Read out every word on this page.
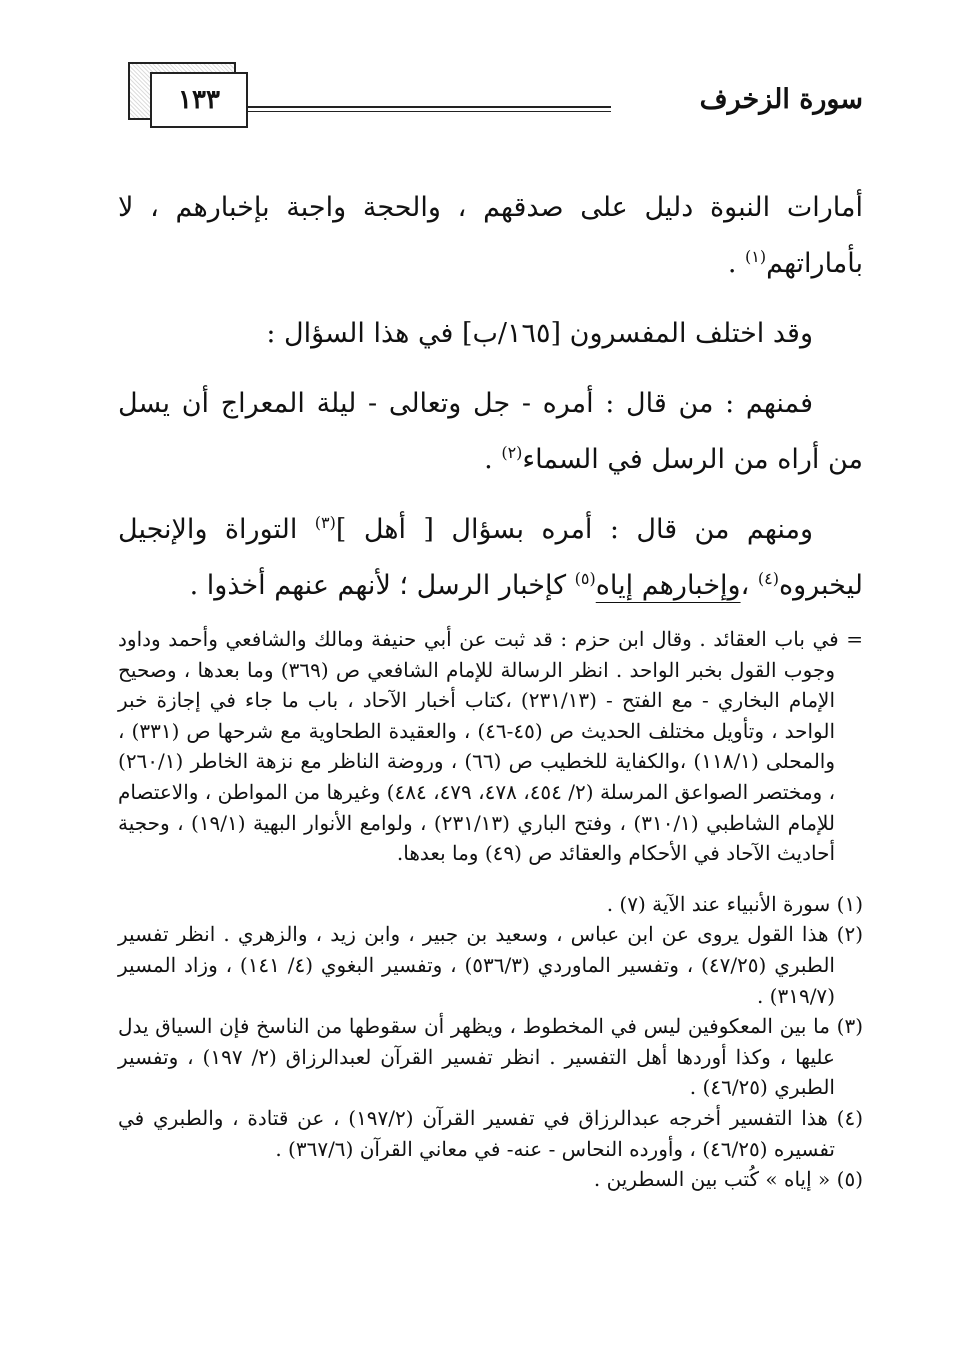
سورة الزخرف
١٣٣

أمارات النبوة دليل على صدقهم ، والحجة واجبة بإخبارهم ، لا بأماراتهم$^{(١)}$ .

وقد اختلف المفسرون [١٦٥/ب] في هذا السؤال :

فمنهم : من قال : أمره - جل وتعالى - ليلة المعراج أن يسل من أراه من الرسل في السماء$^{(٢)}$ .

ومنهم من قال : أمره بسؤال [ أهل ]$^{(٣)}$ التوراة والإنجيل ليخبروه$^{(٤)}$ ،وإخبارهم إياه$^{(٥)}$ كإخبار الرسل ؛ لأنهم عنهم أخذوا .

= في باب العقائد . وقال ابن حزم : قد ثبت عن أبي حنيفة ومالك والشافعي وأحمد وداود وجوب القول بخبر الواحد . انظر الرسالة للإمام الشافعي ص (٣٦٩) وما بعدها ، وصحيح الإمام البخاري - مع الفتح - (٢٣١/١٣) ،كتاب أخبار الآحاد ، باب ما جاء في إجازة خبر الواحد ، وتأويل مختلف الحديث ص (٤٥-٤٦) ، والعقيدة الطحاوية مع شرحها ص (٣٣١) ، والمحلى (١١٨/١) ،والكفاية للخطيب ص (٦٦) ، وروضة الناظر مع نزهة الخاطر (٢٦٠/١) ، ومختصر الصواعق المرسلة (٢/ ٤٥٤، ٤٧٨، ٤٧٩، ٤٨٤) وغيرها من المواطن ، والاعتصام للإمام الشاطبي (٣١٠/١) ، وفتح الباري (٢٣١/١٣) ، ولوامع الأنوار البهية (١٩/١) ، وحجية أحاديث الآحاد في الأحكام والعقائد ص (٤٩) وما بعدها.

(١) سورة الأنبياء عند الآية (٧) .

(٢) هذا القول يروى عن ابن عباس ، وسعيد بن جبير ، وابن زيد ، والزهري . انظر تفسير الطبري (٤٧/٢٥) ، وتفسير الماوردي (٥٣٦/٣) ، وتفسير البغوي (٤/ ١٤١) ، وزاد المسير (٣١٩/٧) .

(٣) ما بين المعكوفين ليس في المخطوط ، ويظهر أن سقوطها من الناسخ فإن السياق يدل عليها ، وكذا أوردها أهل التفسير . انظر تفسير القرآن لعبدالرزاق (٢/ ١٩٧) ، وتفسير الطبري (٤٦/٢٥) .

(٤) هذا التفسير أخرجه عبدالرزاق في تفسير القرآن (١٩٧/٢) ، عن قتادة ، والطبري في تفسيره (٤٦/٢٥) ، وأورده النحاس - عنه- في معاني القرآن (٣٦٧/٦) .

(٥) « إياه » كُتب بين السطرين .
